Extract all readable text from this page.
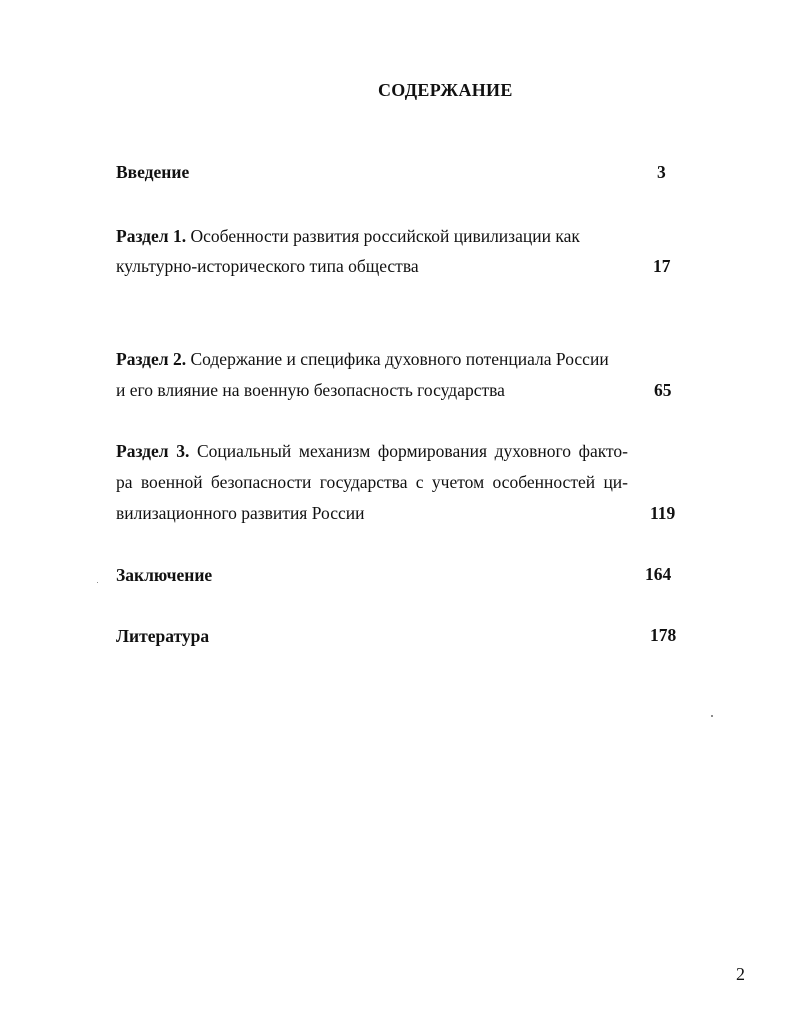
СОДЕРЖАНИЕ
Введение	3
Раздел 1. Особенности развития российской цивилизации как
культурно-исторического типа общества	17
Раздел 2. Содержание и специфика духовного потенциала России
и его влияние на военную безопасность государства	65
Раздел 3. Социальный механизм формирования духовного факто-
ра военной безопасности государства с учетом особенностей ци-
вилизационного развития России	119
Заключение	164
Литература	178
2
